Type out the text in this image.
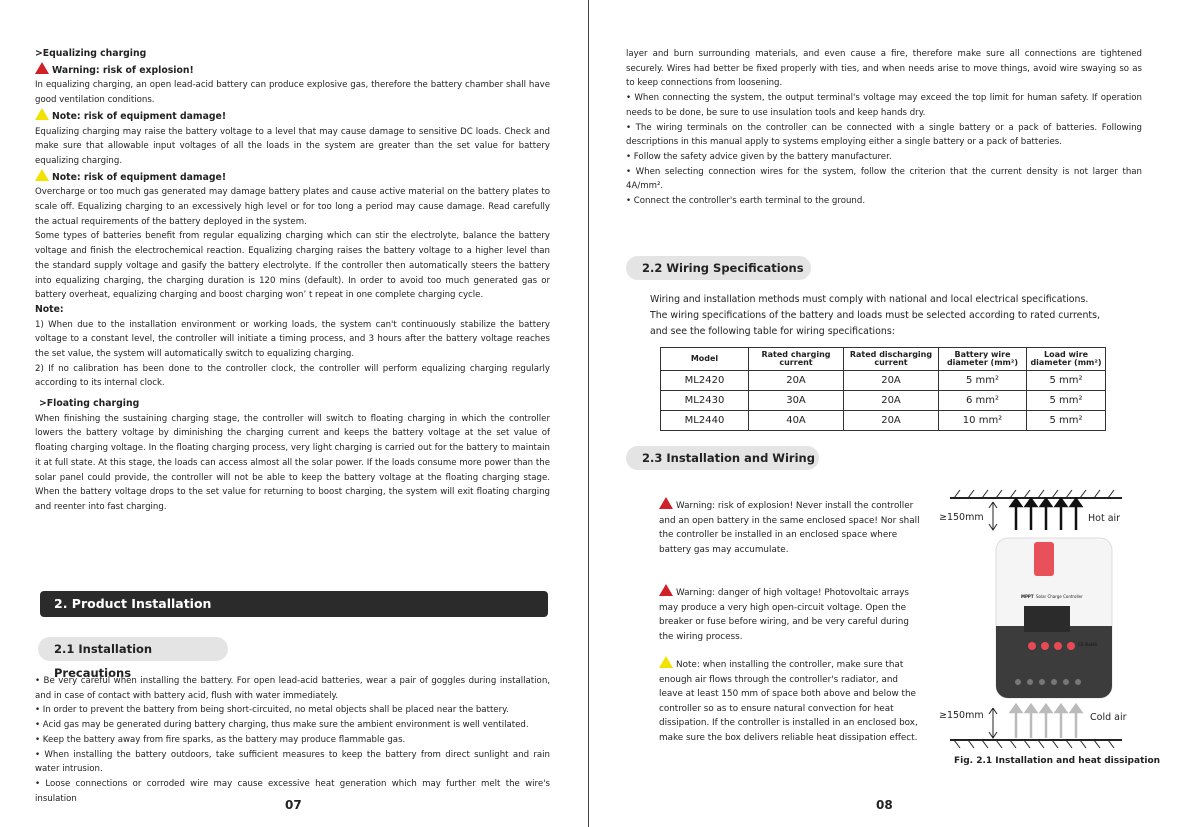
>Equalizing charging

Warning: risk of explosion!

In equalizing charging, an open lead-acid battery can produce explosive gas, therefore the battery chamber shall have good ventilation conditions.

Note: risk of equipment damage!

Equalizing charging may raise the battery voltage to a level that may cause damage to sensitive DC loads. Check and make sure that allowable input voltages of all the loads in the system are greater than the set value for battery equalizing charging.

Note: risk of equipment damage!

Overcharge or too much gas generated may damage battery plates and cause active material on the battery plates to scale off. Equalizing charging to an excessively high level or for too long a period may cause damage. Read carefully the actual requirements of the battery deployed in the system.

Some types of batteries benefit from regular equalizing charging which can stir the electrolyte, balance the battery voltage and finish the electrochemical reaction. Equalizing charging raises the battery voltage to a higher level than the standard supply voltage and gasify the battery electrolyte. If the controller then automatically steers the battery into equalizing charging, the charging duration is 120 mins (default). In order to avoid too much generated gas or battery overheat, equalizing charging and boost charging won’ t repeat in one complete charging cycle.

Note:

1) When due to the installation environment or working loads, the system can't continuously stabilize the battery voltage to a constant level, the controller will initiate a timing process, and 3 hours after the battery voltage reaches the set value, the system will automatically switch to equalizing charging.

2) If no calibration has been done to the controller clock, the controller will perform equalizing charging regularly according to its internal clock.

>Floating charging

When finishing the sustaining charging stage, the controller will switch to floating charging in which the controller lowers the battery voltage by diminishing the charging current and keeps the battery voltage at the set value of floating charging voltage. In the floating charging process, very light charging is carried out for the battery to maintain it at full state. At this stage, the loads can access almost all the solar power. If the loads consume more power than the solar panel could provide, the controller will not be able to keep the battery voltage at the floating charging stage. When the battery voltage drops to the set value for returning to boost charging, the system will exit floating charging and reenter into fast charging.

2. Product Installation
2.1 Installation Precautions

• Be very careful when installing the battery. For open lead-acid batteries, wear a pair of goggles during installation, and in case of contact with battery acid, flush with water immediately.

• In order to prevent the battery from being short-circuited, no metal objects shall be placed near the battery.

• Acid gas may be generated during battery charging, thus make sure the ambient environment is well ventilated.

• Keep the battery away from fire sparks, as the battery may produce flammable gas.

• When installing the battery outdoors, take sufficient measures to keep the battery from direct sunlight and rain water intrusion.

• Loose connections or corroded wire may cause excessive heat generation which may further melt the wire's insulation	07

layer and burn surrounding materials, and even cause a fire, therefore make sure all connections are tightened securely. Wires had better be fixed properly with ties, and when needs arise to move things, avoid wire swaying so as to keep connections from loosening.

• When connecting the system, the output terminal's voltage may exceed the top limit for human safety. If operation needs to be done, be sure to use insulation tools and keep hands dry.

• The wiring terminals on the controller can be connected with a single battery or a pack of batteries. Following descriptions in this manual apply to systems employing either a single battery or a pack of batteries.

• Follow the safety advice given by the battery manufacturer.

• When selecting connection wires for the system, follow the criterion that the current density is not larger than 4A/mm².

• Connect the controller's earth terminal to the ground.

2.2 Wiring Specifications

Wiring and installation methods must comply with national and local electrical specifications.

The wiring specifications of the battery and loads must be selected according to rated currents,

and see the following table for wiring specifications:

Model	Rated charging current	Rated discharging current	Battery wire diameter (mm²)	Load wire diameter (mm²)
ML2420	20A	20A	5 mm²	5 mm²
ML2430	30A	20A	6 mm²	5 mm²
ML2440	40A	20A	10 mm²	5 mm²
2.3 Installation and Wiring
Warning: risk of explosion! Never install the controller and an open battery in the same enclosed space! Nor shall the controller be installed in an enclosed space where battery gas may accumulate.
Warning: danger of high voltage! Photovoltaic arrays may produce a very high open-circuit voltage. Open the breaker or fuse before wiring, and be very careful during the wiring process.
Note: when installing the controller, make sure that enough air flows through the controller's radiator, and leave at least 150 mm of space both above and below the controller so as to ensure natural convection for heat dissipation. If the controller is installed in an enclosed box, make sure the box delivers reliable heat dissipation effect.
≥150mm	Hot air
MPPT Solar Charge Controller
CE RoHS
≥150mm	Cold air
Fig. 2.1 Installation and heat dissipation
08
